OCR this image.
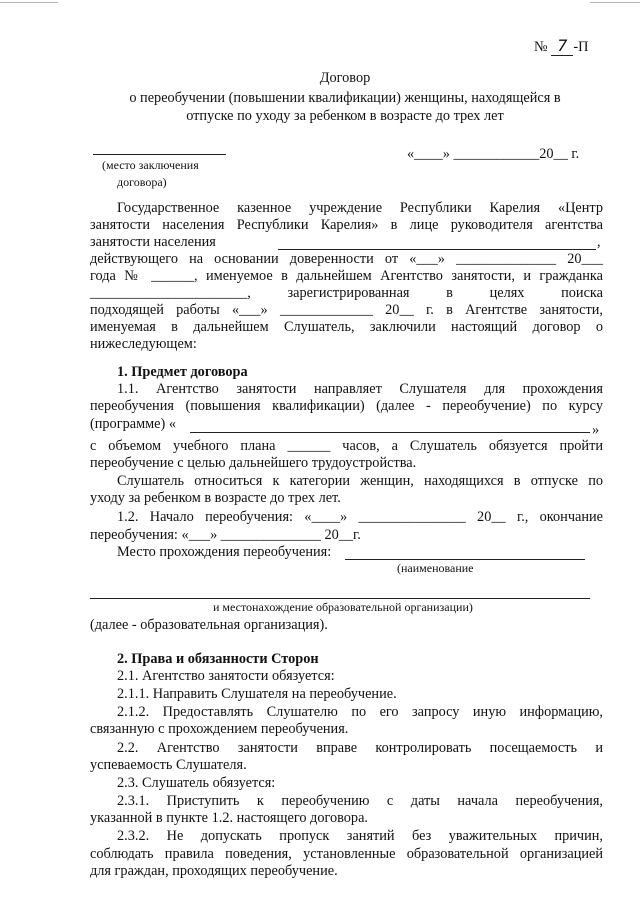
№ 7 -П
Договор
о переобучении (повышении квалификации) женщины, находящейся в
отпуске по уходу за ребенком в возрасте до трех лет
(место заключения
договора)
«____» ____________20__ г.
Государственное казенное учреждение Республики Карелия «Центр
занятости населения Республики Карелия» в лице руководителя агентства
занятости населения	,
действующего на основании доверенности от «___» ______________ 20___
года № ______, именуемое в дальнейшем Агентство занятости, и гражданка
______________________, зарегистрированная в целях поиска
подходящей работы «___» _____________ 20__ г. в Агентстве занятости,
именуемая в дальнейшем Слушатель, заключили настоящий договор о
нижеследующем:
1. Предмет договора
1.1. Агентство занятости направляет Слушателя для прохождения
переобучения (повышения квалификации) (далее - переобучение) по курсу
(программе) «	»
с объемом учебного плана ______ часов, а Слушатель обязуется пройти
переобучение с целью дальнейшего трудоустройства.
Слушатель относиться к категории женщин, находящихся в отпуске по
уходу за ребенком в возрасте до трех лет.
1.2. Начало переобучения: «____» _______________ 20__ г., окончание
переобучения: «___» ______________ 20__г.
Место прохождения переобучения:
(наименование
и местонахождение образовательной организации)
(далее - образовательная организация).
2. Права и обязанности Сторон
2.1. Агентство занятости обязуется:
2.1.1. Направить Слушателя на переобучение.
2.1.2. Предоставлять Слушателю по его запросу иную информацию,
связанную с прохождением переобучения.
2.2. Агентство занятости вправе контролировать посещаемость и
успеваемость Слушателя.
2.3. Слушатель обязуется:
2.3.1. Приступить к переобучению с даты начала переобучения,
указанной в пункте 1.2. настоящего договора.
2.3.2. Не допускать пропуск занятий без уважительных причин,
соблюдать правила поведения, установленные образовательной организацией
для граждан, проходящих переобучение.
